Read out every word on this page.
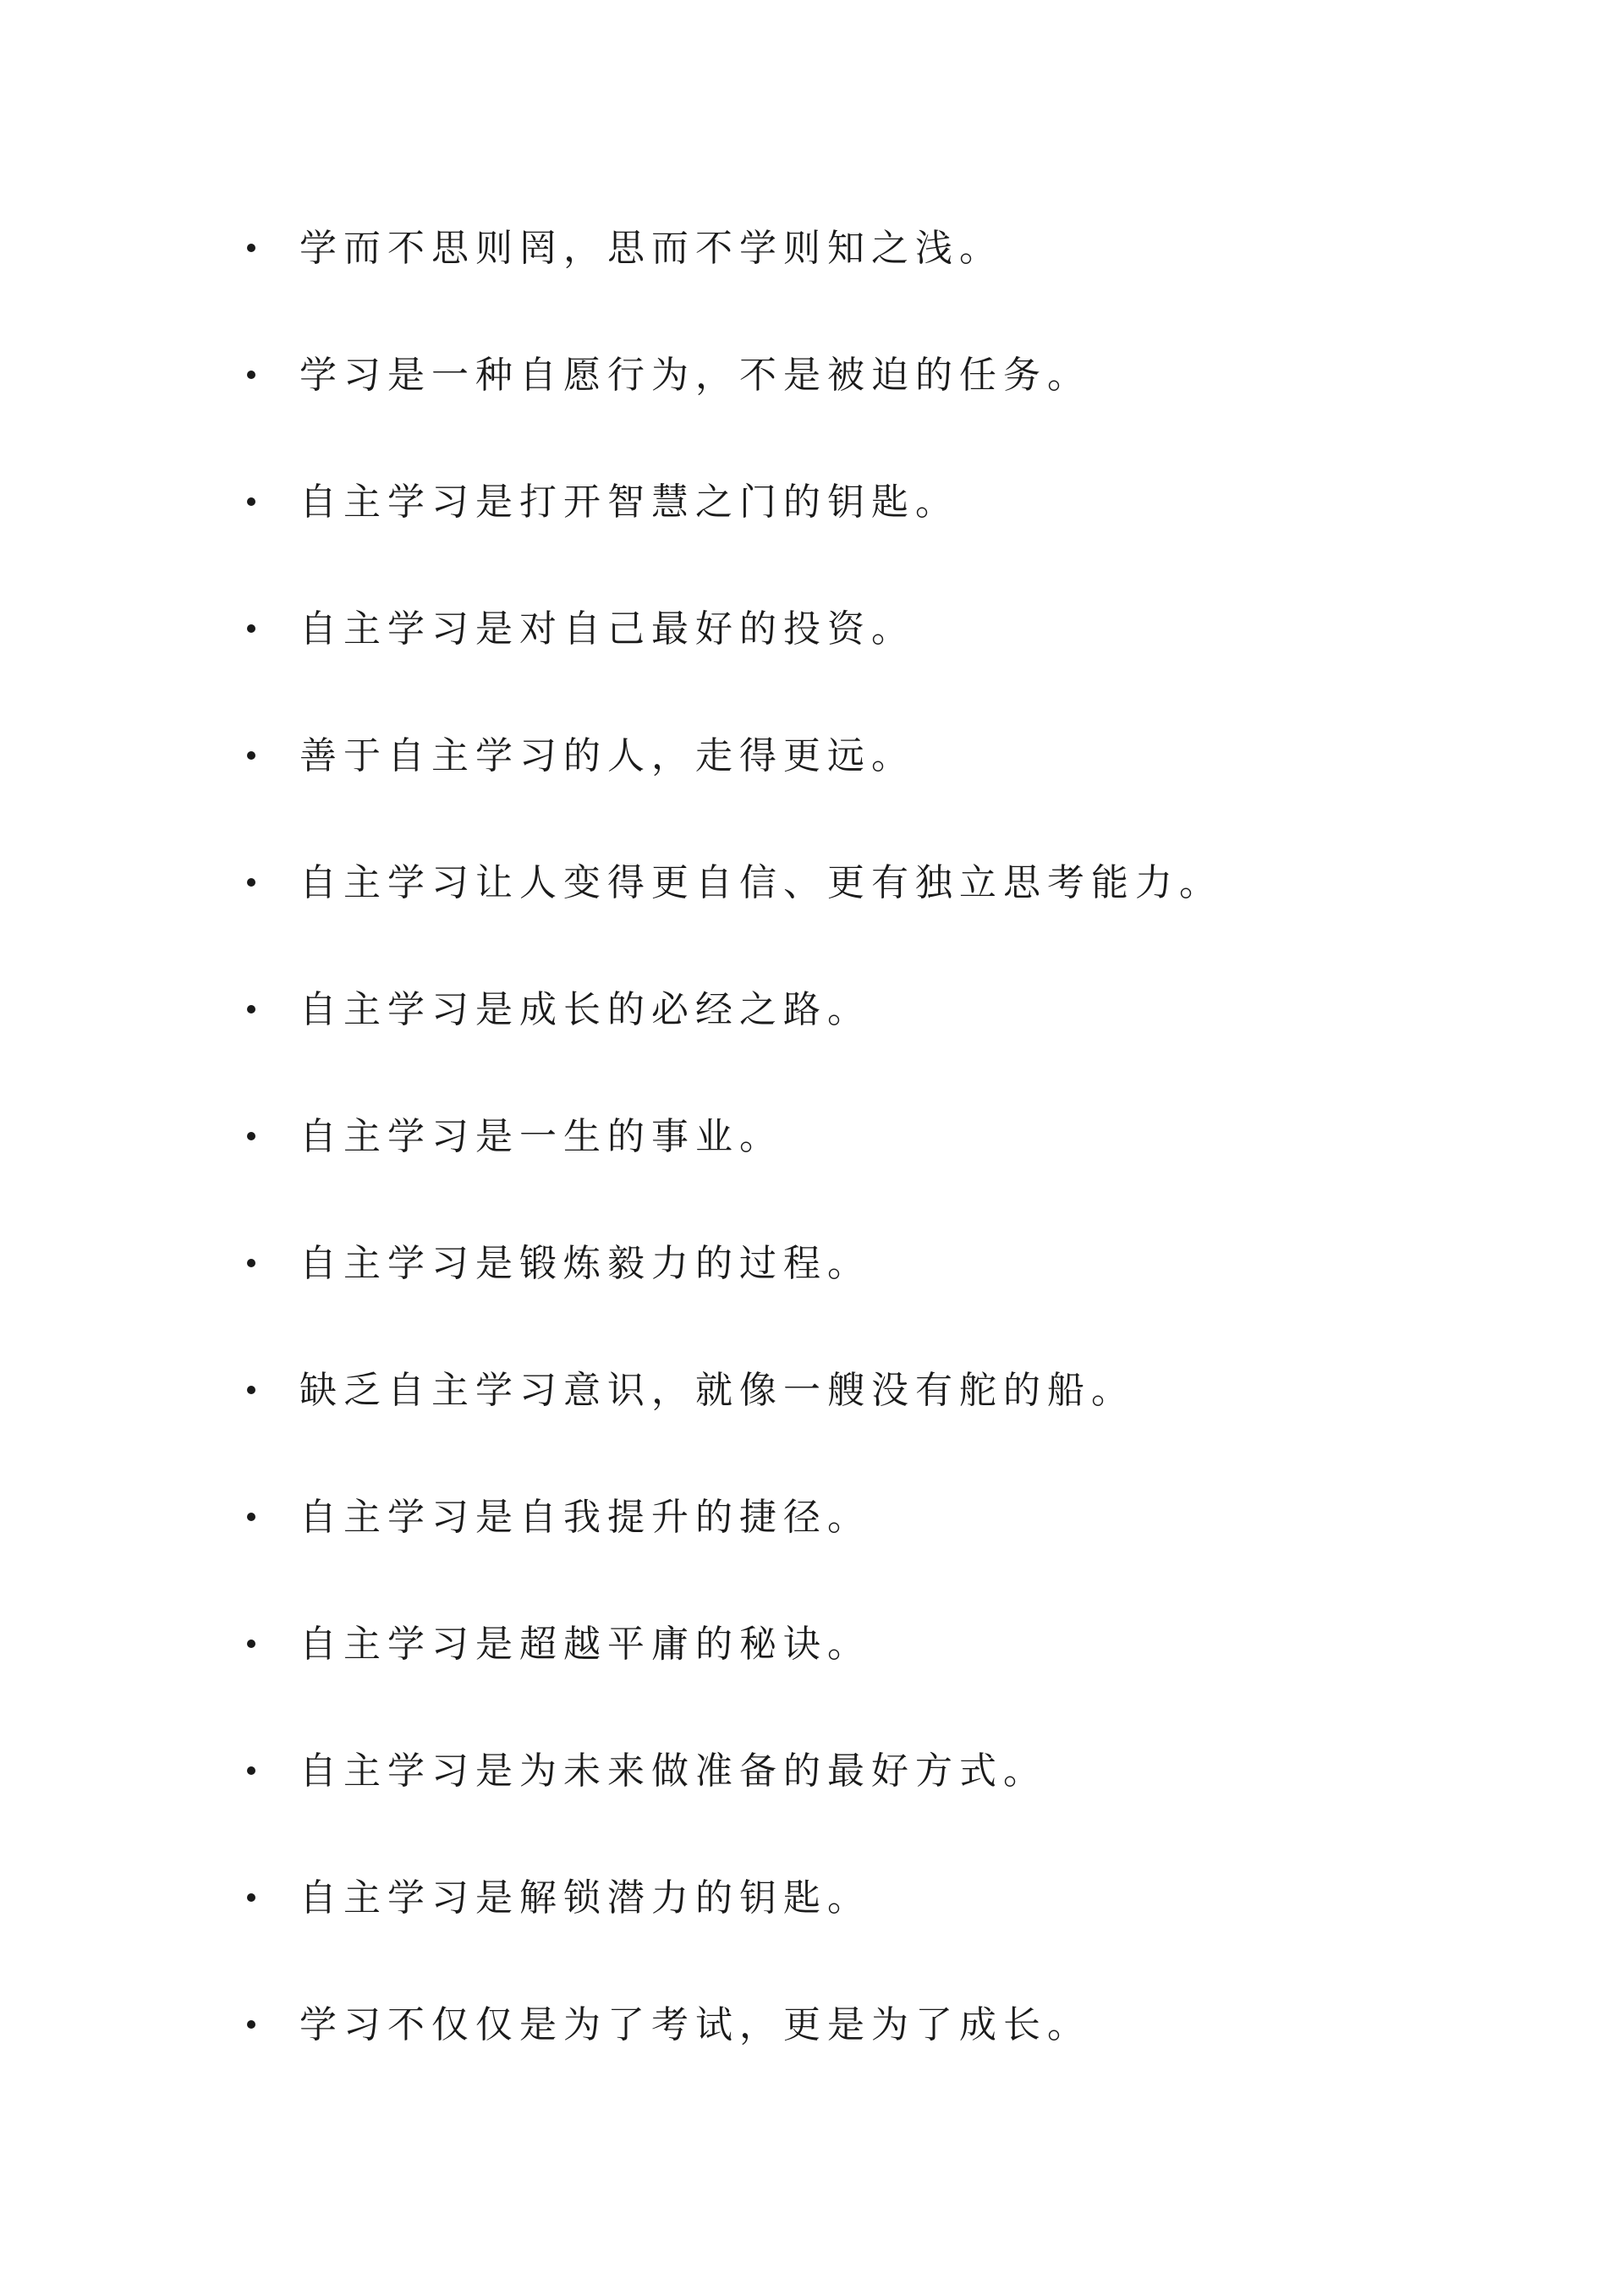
学而不思则罔，思而不学则知之浅。
学习是一种自愿行为，不是被迫的任务。
自主学习是打开智慧之门的钥匙。
自主学习是对自己最好的投资。
善于自主学习的人，走得更远。
自主学习让人变得更自信、更有独立思考能力。
自主学习是成长的必经之路。
自主学习是一生的事业。
自主学习是锻炼毅力的过程。
缺乏自主学习意识，就像一艘没有舵的船。
自主学习是自我提升的捷径。
自主学习是超越平庸的秘诀。
自主学习是为未来做准备的最好方式。
自主学习是解锁潜力的钥匙。
学习不仅仅是为了考试，更是为了成长。
